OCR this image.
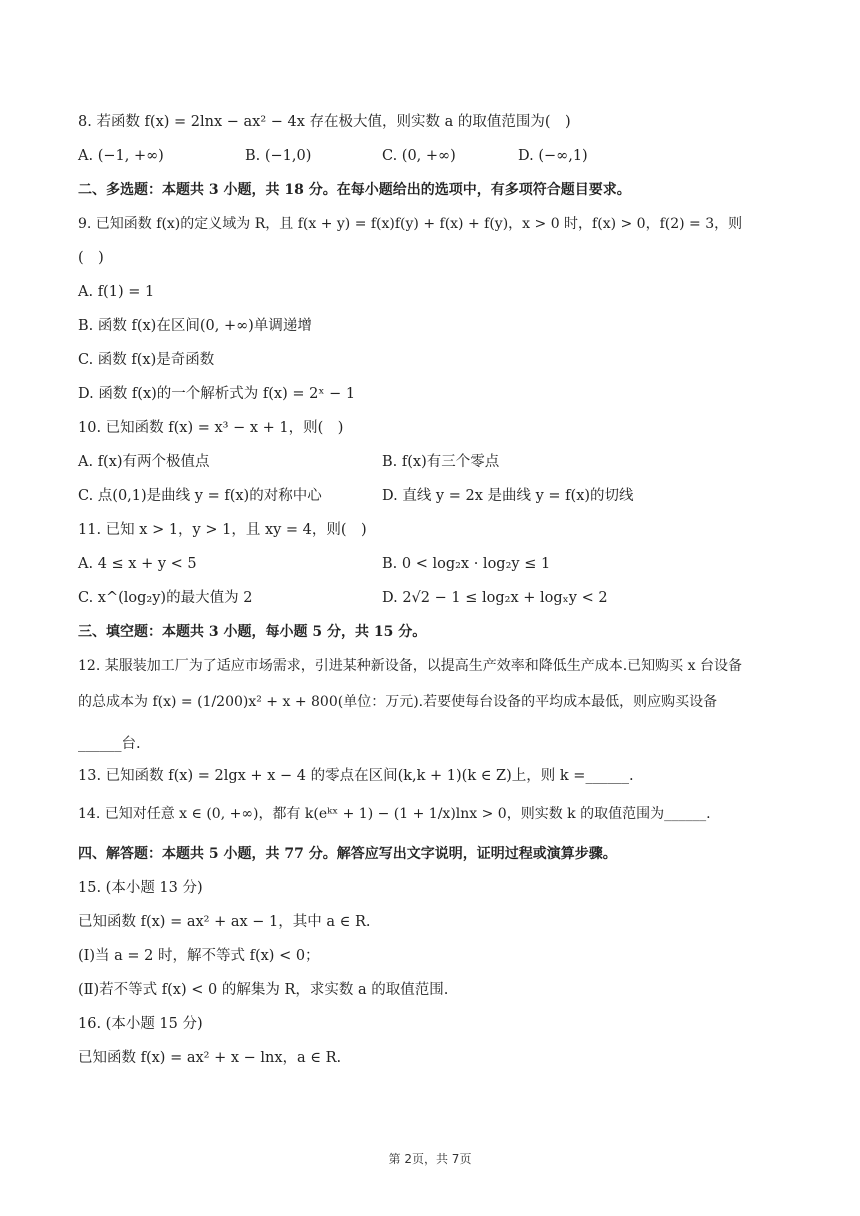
8. 若函数 f(x) = 2lnx − ax² − 4x 存在极大值，则实数 a 的取值范围为(　)
A. (−1, +∞)	B. (−1,0)	C. (0, +∞)	D. (−∞,1)
二、多选题：本题共 3 小题，共 18 分。在每小题给出的选项中，有多项符合题目要求。
9. 已知函数 f(x)的定义域为 R，且 f(x + y) = f(x)f(y) + f(x) + f(y)，x > 0 时，f(x) > 0，f(2) = 3，则
(　)
A. f(1) = 1
B. 函数 f(x)在区间(0, +∞)单调递增
C. 函数 f(x)是奇函数
D. 函数 f(x)的一个解析式为 f(x) = 2ˣ − 1
10. 已知函数 f(x) = x³ − x + 1，则(　)
A. f(x)有两个极值点	B. f(x)有三个零点
C. 点(0,1)是曲线 y = f(x)的对称中心	D. 直线 y = 2x 是曲线 y = f(x)的切线
11. 已知 x > 1，y > 1，且 xy = 4，则(　)
A. 4 ≤ x + y < 5	B. 0 < log₂x · log₂y ≤ 1
C. x^(log₂y)的最大值为 2	D. 2√2 − 1 ≤ log₂x + logₓy < 2
三、填空题：本题共 3 小题，每小题 5 分，共 15 分。
12. 某服装加工厂为了适应市场需求，引进某种新设备，以提高生产效率和降低生产成本.已知购买 x 台设备
的总成本为 f(x) = (1/200)x² + x + 800(单位：万元).若要使每台设备的平均成本最低，则应购买设备
______台.
13. 已知函数 f(x) = 2lgx + x − 4 的零点在区间(k,k + 1)(k ∈ Z)上，则 k =______.
14. 已知对任意 x ∈ (0, +∞)，都有 k(eᵏˣ + 1) − (1 + 1/x)lnx > 0，则实数 k 的取值范围为______.
四、解答题：本题共 5 小题，共 77 分。解答应写出文字说明，证明过程或演算步骤。
15. (本小题 13 分)
已知函数 f(x) = ax² + ax − 1，其中 a ∈ R.
(Ⅰ)当 a = 2 时，解不等式 f(x) < 0；
(Ⅱ)若不等式 f(x) < 0 的解集为 R，求实数 a 的取值范围.
16. (本小题 15 分)
已知函数 f(x) = ax² + x − lnx，a ∈ R.
第 2页，共 7页
